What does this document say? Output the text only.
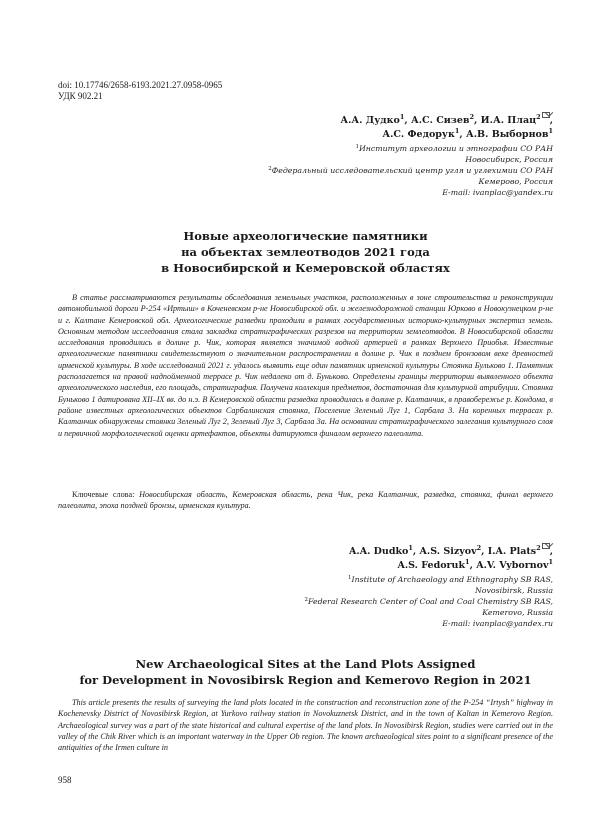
doi: 10.17746/2658-6193.2021.27.0958-0965
УДК 902.21
А.А. Дудко$^1$, А.С. Сизев$^2$, И.А. Плац$^2$ ,
А.С. Федорук$^1$, А.В. Выборнов$^1$
$^1$Институт археологии и этнографии СО РАН
Новосибирск, Россия
$^2$Федеральный исследовательский центр угля и углехимии СО РАН
Кемерово, Россия
E-mail: ivanplac@yandex.ru
Новые археологические памятники
на объектах землеотводов 2021 года
в Новосибирской и Кемеровской областях

В статье рассматриваются результаты обследования земельных участков, расположенных в зоне строительства и реконструкции автомобильной дороги Р-254 «Иртыш» в Коченевском р-не Новосибирской обл. и железнодорожной станции Юрково в Новокузнецком р-не и г. Калтане Кемеровской обл. Археологические разведки проходили в рамках государственных историко-культурных экспертиз земель. Основным методом исследования стала закладка стратиграфических разрезов на территории землеотводов. В Новосибирской области исследования проводились в долине р. Чик, которая является значимой водной артерией в рамках Верхнего Приобья. Известные археологические памятники свидетельствуют о значительном распространении в долине р. Чик в позднем бронзовом веке древностей ирменской культуры. В ходе исследований 2021 г. удалось выявить еще один памятник ирменской культуры Стоянка Бульково 1. Памятник располагается на правой надпойменной террасе р. Чик недалеко от д. Буньково. Определены границы территории выявленного объекта археологического наследия, его площадь, стратиграфия. Получена коллекция предметов, достаточная для культурной атрибуции. Стоянка Буньково 1 датирована XII–IX вв. до н.э. В Кемеровской области разведка проводилась в долине р. Калтанчик, в правобережье р. Кондома, в районе известных археологических объектов Сарбалинская стоянка, Поселение Зеленый Луг 1, Сарбала 3. На коренных террасах р. Калтанчик обнаружены стоянки Зеленый Луг 2, Зеленый Луг 3, Сарбала 3а. На основании стратиграфического залегания культурного слоя и первичной морфологической оценки артефактов, объекты датируются финалом верхнего палеолита.

Ключевые слова: Новосибирская область, Кемеровская область, река Чик, река Калтанчик, разведка, стоянка, финал верхнего палеолита, эпоха поздней бронзы, ирменская культура.
A.A. Dudko$^1$, A.S. Sizyov$^2$, I.A. Plats$^2$ ,
A.S. Fedoruk$^1$, A.V. Vybornov$^1$
$^1$Institute of Archaeology and Ethnography SB RAS,
Novosibirsk, Russia
$^2$Federal Research Center of Coal and Coal Chemistry SB RAS,
Kemerovo, Russia
E-mail: ivanplac@yandex.ru
New Archaeological Sites at the Land Plots Assigned
for Development in Novosibirsk Region and Kemerovo Region in 2021

This article presents the results of surveying the land plots located in the construction and reconstruction zone of the P-254 “Irtysh” highway in Kochenevsky District of Novosibirsk Region, at Yurkovo railway station in Novokuznetsk District, and in the town of Kaltan in Kemerovo Region. Archaeological survey was a part of the state historical and cultural expertise of the land plots. In Novosibirsk Region, studies were carried out in the valley of the Chik River which is an important waterway in the Upper Ob region. The known archaeological sites point to a significant presence of the antiquities of the Irmen culture in

958
